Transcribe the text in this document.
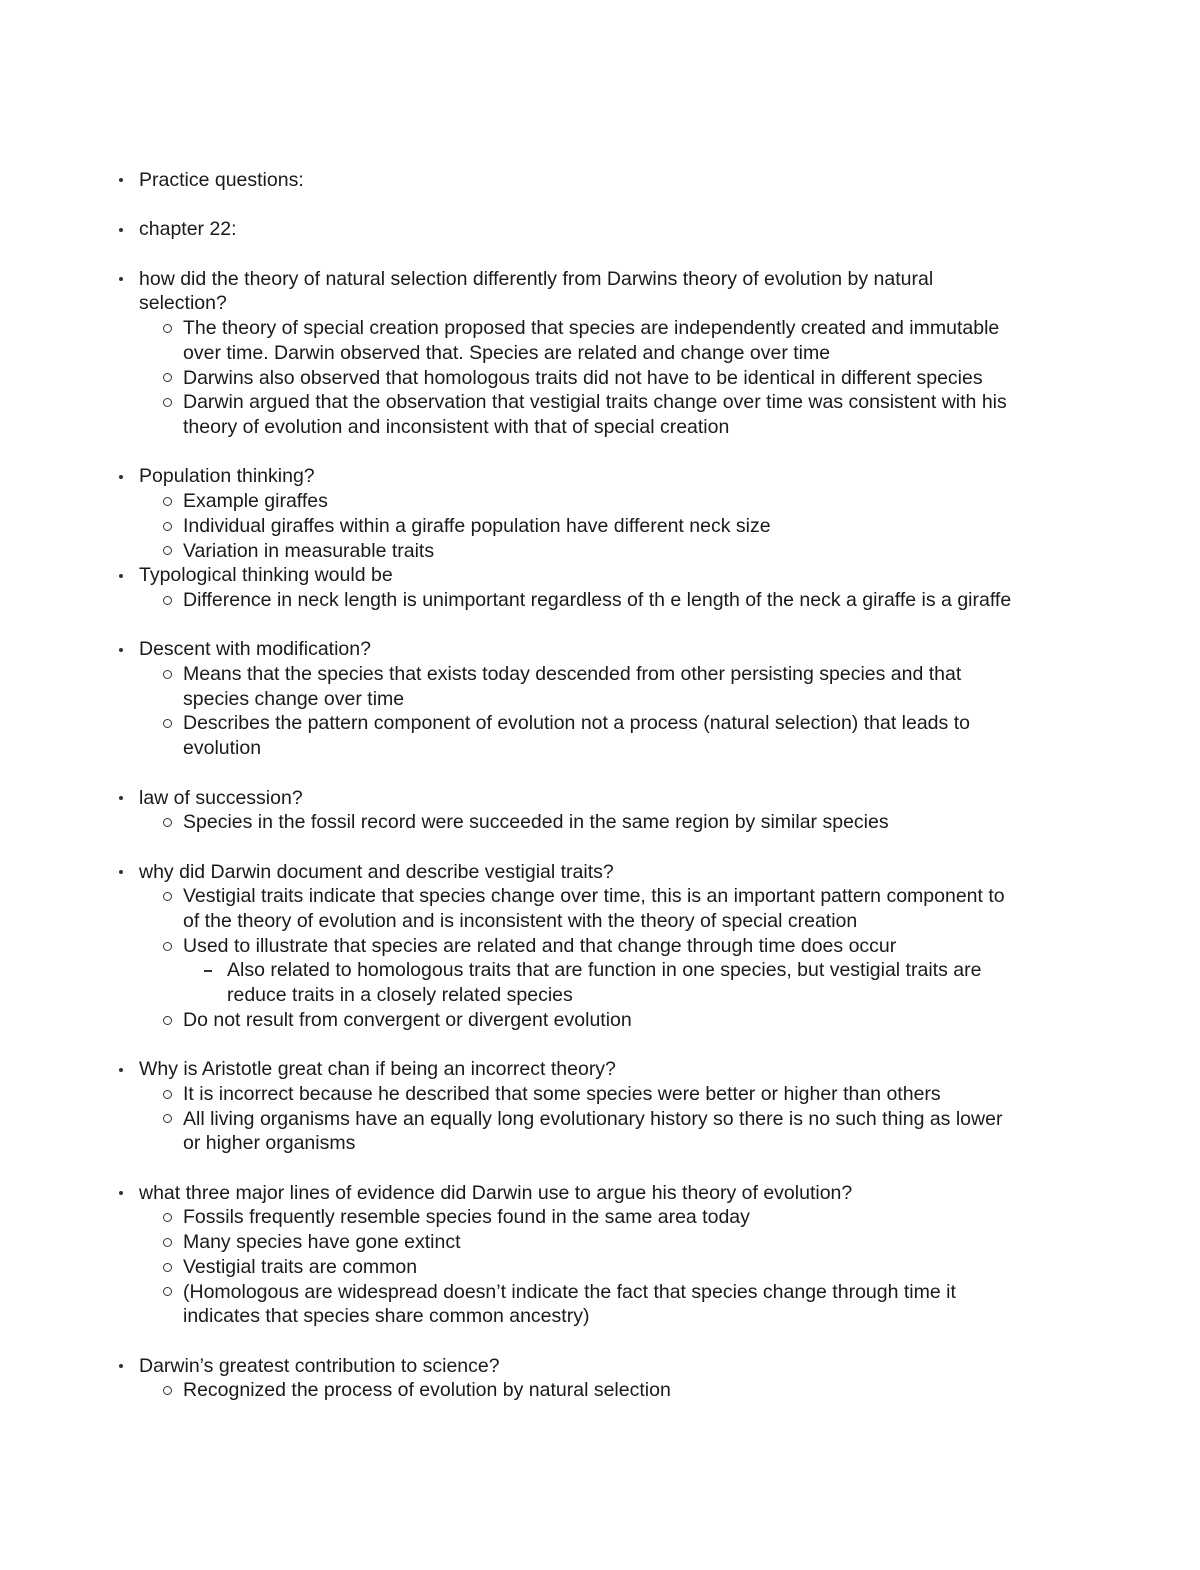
Practice questions:
chapter 22:
how did the theory of natural selection differently from Darwins theory of evolution by natural
selection?
The theory of special creation proposed that species are independently created and immutable
over time. Darwin observed that. Species are related and change over time
Darwins also observed that homologous traits did not have to be identical in different species
Darwin argued that the observation that vestigial traits change over time was consistent with his
theory of evolution and inconsistent with that of special creation
Population thinking?
Example giraffes
Individual giraffes within a giraffe population have different neck size
Variation in measurable traits
Typological thinking would be
Difference in neck length is unimportant regardless of th e length of the neck a giraffe is a giraffe
Descent with modification?
Means that the species that exists today descended from other persisting species and that
species change over time
Describes the pattern component of evolution not a process (natural selection) that leads to
evolution
law of succession?
Species in the fossil record were succeeded in the same region by similar species
why did Darwin document and describe vestigial traits?
Vestigial traits indicate that species change over time, this is an important pattern component to
of the theory of evolution and is inconsistent with the theory of special creation
Used to illustrate that species are related and that change through time does occur
Also related to homologous traits that are function in one species, but vestigial traits are
reduce traits in a closely related species
Do not result from convergent or divergent evolution
Why is Aristotle great chan if being an incorrect theory?
It is incorrect because he described that some species were better or higher than others
All living organisms have an equally long evolutionary history so there is no such thing as lower
or higher organisms
what three major lines of evidence did Darwin use to argue his theory of evolution?
Fossils frequently resemble species found in the same area today
Many species have gone extinct
Vestigial traits are common
(Homologous are widespread doesn’t indicate the fact that species change through time it
indicates that species share common ancestry)
Darwin’s greatest contribution to science?
Recognized the process of evolution by natural selection
